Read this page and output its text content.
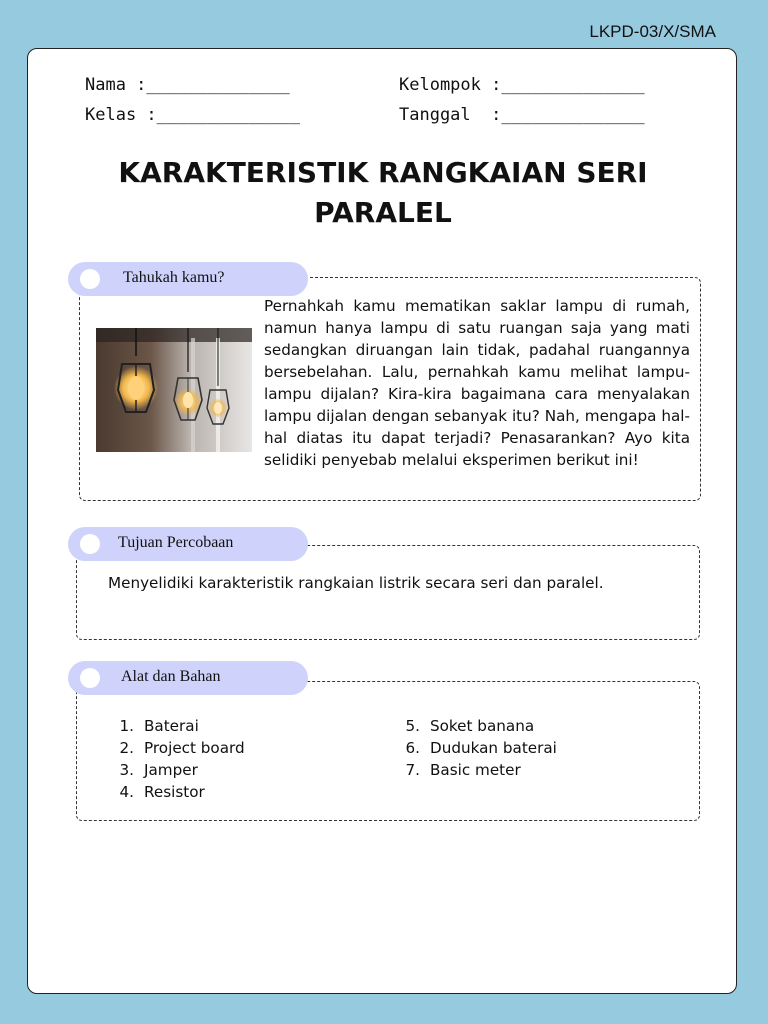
LKPD-03/X/SMA
Nama :______________
Kelas :______________
Kelompok :______________
Tanggal  :______________
KARAKTERISTIK RANGKAIAN SERI
PARALEL
Tahukah kamu?
Pernahkah kamu mematikan saklar lampu di rumah, namun hanya lampu di satu ruangan saja yang mati sedangkan diruangan lain tidak, padahal ruangannya bersebelahan. Lalu, pernahkah kamu melihat lampu-lampu dijalan? Kira-kira bagaimana cara menyalakan lampu dijalan dengan sebanyak itu? Nah, mengapa hal-hal diatas itu dapat terjadi? Penasarankan? Ayo kita selidiki penyebab melalui eksperimen berikut ini!
Tujuan Percobaan
Menyelidiki karakteristik rangkaian listrik secara seri dan paralel.
Alat dan Bahan
1. Baterai
2. Project board
3. Jamper
4. Resistor
5. Soket banana
6. Dudukan baterai
7. Basic meter
